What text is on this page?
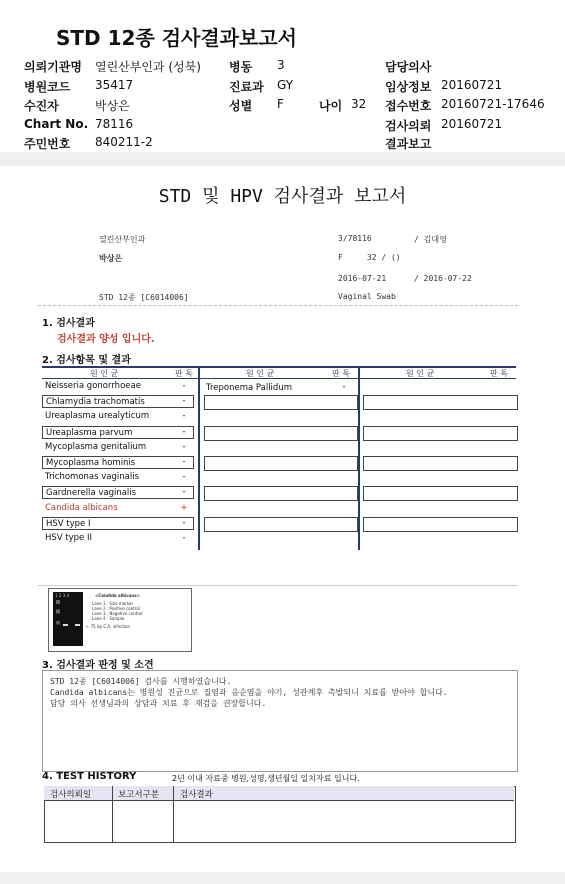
STD 12종 검사결과보고서
의뢰기관명 열린산부인과 (성북) 병동 3	담당의사
병원코드 35417	진료과 GY	임상정보 20160721
수진자	박상은	성별 F	나이 32 접수번호 20160721-17646
Chart No. 78116	검사의뢰 20160721
주민번호 840211-2	결과보고
STD 및 HPV 검사결과 보고서
열린산부인과	3/78116	/ 김대영
박상은	F     32 / ()
2016-07-21	/ 2016-07-22
STD 12종 [C6014006]	Vaginal Swab
1. 검사결과
검사결과 양성 입니다.
2. 검사항목 및 결과
원 인 균	판 독	원 인 균	판 독	원 인 균	판 독
Neisseria gonorrhoeae	-
Chlamydia trachomatis	-
Ureaplasma urealyticum	-
Ureaplasma parvum	-
Mycoplasma genitalium	-
Mycoplasma hominis	-
Trichomonas vaginalis	-
Gardnerella vaginalis	-
Candida albicans	+
HSV type I	-
HSV type II	-
Treponema Pallidum	-
1 2 3 4	<Candida albicans>
Lane 1 : Size marker
Lane 2 : Positive control
Lane 3 : Negative control
Lane 4 : Sample
← 75 bp C.A. infection
3. 검사결과 판정 및 소견
STD 12종 [C6014006] 검사를 시행하였습니다.
Candida albicans는 병원성 진균으로 질염과 음순염을 야기, 성관계후 촉발되니 치료를 받아야 합니다.
담당 의사 선생님과의 상담과 치료 후 재검을 권장합니다.
4. TEST HISTORY	2년 이내 자료중 병원,성명,생년월일 일치자료 입니다.
검사의뢰일	보고서구분 검사결과
